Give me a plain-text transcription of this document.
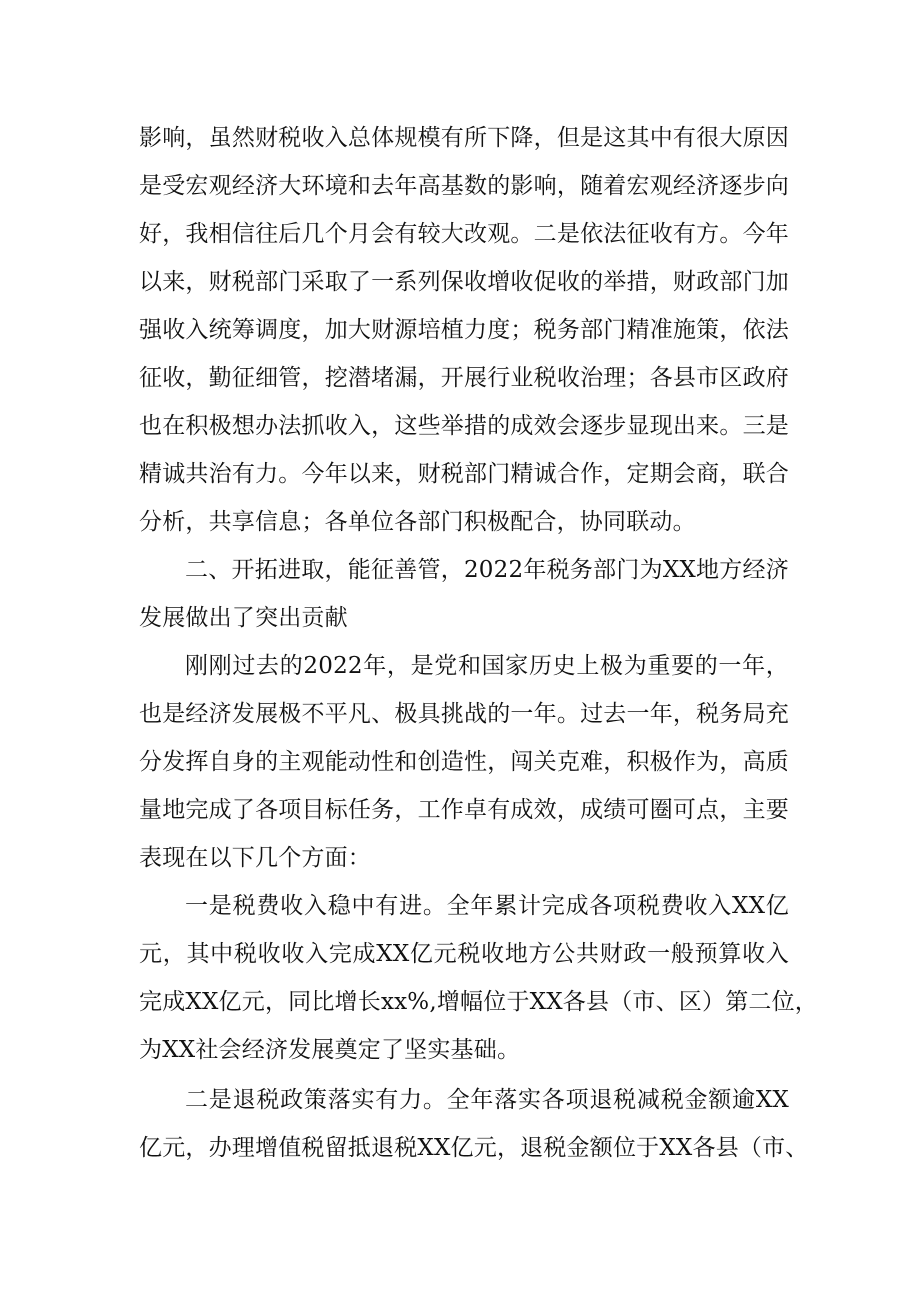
影响，虽然财税收入总体规模有所下降，但是这其中有很大原因
是受宏观经济大环境和去年高基数的影响，随着宏观经济逐步向
好，我相信往后几个月会有较大改观。二是依法征收有方。今年
以来，财税部门采取了一系列保收增收促收的举措，财政部门加
强收入统筹调度，加大财源培植力度；税务部门精准施策，依法
征收，勤征细管，挖潜堵漏，开展行业税收治理；各县市区政府
也在积极想办法抓收入，这些举措的成效会逐步显现出来。三是
精诚共治有力。今年以来，财税部门精诚合作，定期会商，联合
分析，共享信息；各单位各部门积极配合，协同联动。
二、开拓进取，能征善管，2022年税务部门为XX地方经济
发展做出了突出贡献
刚刚过去的2022年，是党和国家历史上极为重要的一年，
也是经济发展极不平凡、极具挑战的一年。过去一年，税务局充
分发挥自身的主观能动性和创造性，闯关克难，积极作为，高质
量地完成了各项目标任务，工作卓有成效，成绩可圈可点，主要
表现在以下几个方面：
一是税费收入稳中有进。全年累计完成各项税费收入XX亿
元，其中税收收入完成XX亿元税收地方公共财政一般预算收入
完成XX亿元，同比增长xx%,增幅位于XX各县（市、区）第二位，
为XX社会经济发展奠定了坚实基础。
二是退税政策落实有力。全年落实各项退税减税金额逾XX
亿元，办理增值税留抵退税XX亿元，退税金额位于XX各县（市、
